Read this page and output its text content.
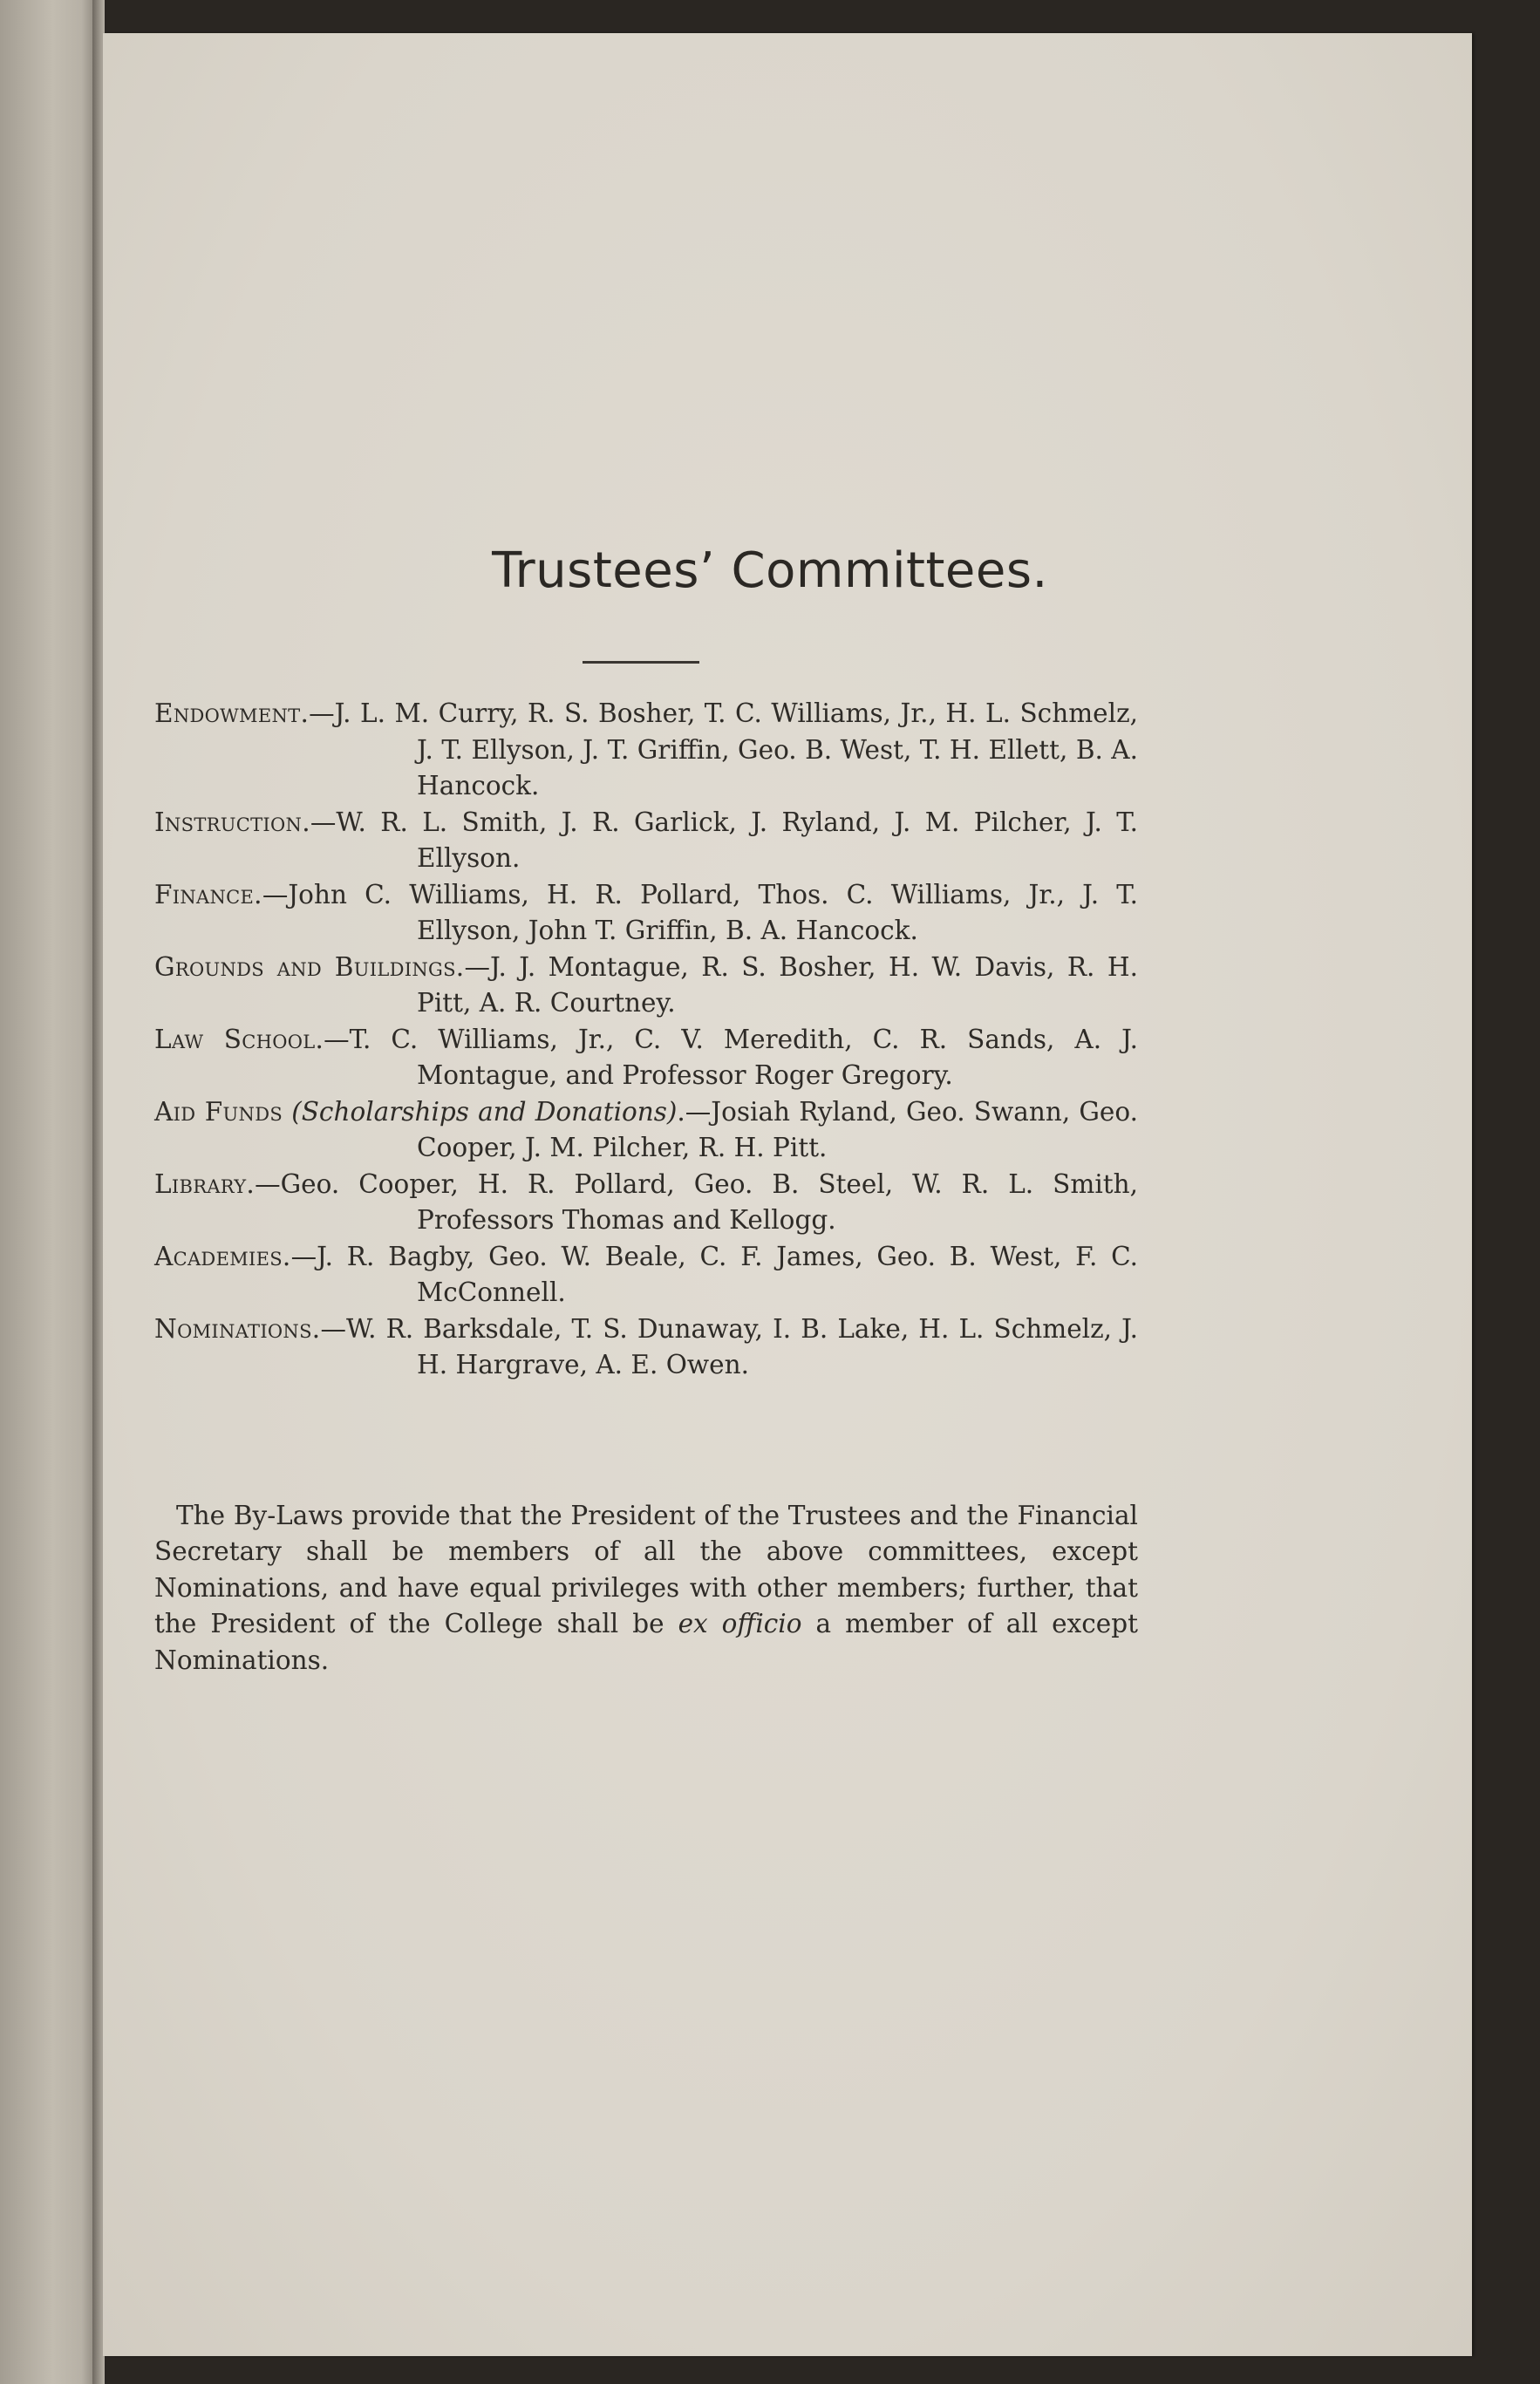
Trustees’ Committees.
Endowment.—J. L. M. Curry, R. S. Bosher, T. C. Williams, Jr., H. L. Schmelz, J. T. Ellyson, J. T. Griffin, Geo. B. West, T. H. Ellett, B. A. Hancock.
Instruction.—W. R. L. Smith, J. R. Garlick, J. Ryland, J. M. Pilcher, J. T. Ellyson.
Finance.—John C. Williams, H. R. Pollard, Thos. C. Williams, Jr., J. T. Ellyson, John T. Griffin, B. A. Hancock.
Grounds and Buildings.—J. J. Montague, R. S. Bosher, H. W. Davis, R. H. Pitt, A. R. Courtney.
Law School.—T. C. Williams, Jr., C. V. Meredith, C. R. Sands, A. J. Montague, and Professor Roger Gregory.
Aid Funds (Scholarships and Donations).—Josiah Ryland, Geo. Swann, Geo. Cooper, J. M. Pilcher, R. H. Pitt.
Library.—Geo. Cooper, H. R. Pollard, Geo. B. Steel, W. R. L. Smith, Professors Thomas and Kellogg.
Academies.—J. R. Bagby, Geo. W. Beale, C. F. James, Geo. B. West, F. C. McConnell.
Nominations.—W. R. Barksdale, T. S. Dunaway, I. B. Lake, H. L. Schmelz, J. H. Hargrave, A. E. Owen.

The By-Laws provide that the President of the Trustees and the Financial Secretary shall be members of all the above committees, except Nominations, and have equal privileges with other members; further, that the President of the College shall be ex officio a member of all except Nominations.
